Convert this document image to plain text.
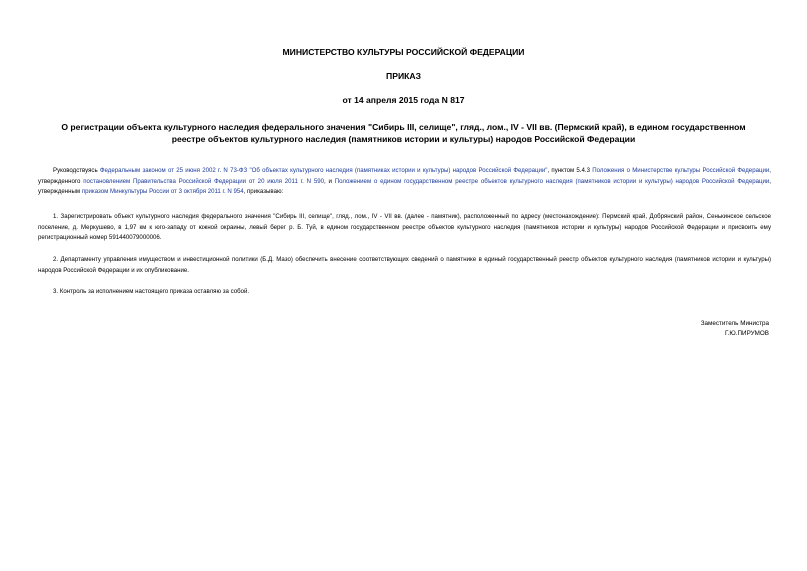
МИНИСТЕРСТВО КУЛЬТУРЫ РОССИЙСКОЙ ФЕДЕРАЦИИ

ПРИКАЗ

от 14 апреля 2015 года N 817

О регистрации объекта культурного наследия федерального значения "Сибирь III, селище", гляд., лом., IV - VII вв. (Пермский край), в едином государственном реестре объектов культурного наследия (памятников истории и культуры) народов Российской Федерации

Руководствуясь Федеральным законом от 25 июня 2002 г. N 73-ФЗ "Об объектах культурного наследия (памятниках истории и культуры) народов Российской Федерации", пунктом 5.4.3 Положения о Министерстве культуры Российской Федерации, утвержденного постановлением Правительства Российской Федерации от 20 июля 2011 г. N 590, и Положением о едином государственном реестре объектов культурного наследия (памятников истории и культуры) народов Российской Федерации, утвержденным приказом Минкультуры России от 3 октября 2011 г. N 954, приказываю:

1. Зарегистрировать объект культурного наследия федерального значения "Сибирь III, селище", гляд., лом., IV - VII вв. (далее - памятник), расположенный по адресу (местонахождение): Пермский край, Добрянский район, Сенькинское сельское поселение, д. Меркушево, в 1,97 км к юго-западу от южной окраины, левый берег р. Б. Туй, в едином государственном реестре объектов культурного наследия (памятников истории и культуры) народов Российской Федерации и присвоить ему регистрационный номер 591440079000006.

2. Департаменту управления имуществом и инвестиционной политики (Б.Д. Мазо) обеспечить внесение соответствующих сведений о памятнике в единый государственный реестр объектов культурного наследия (памятников истории и культуры) народов Российской Федерации и их опубликование.

3. Контроль за исполнением настоящего приказа оставляю за собой.

Заместитель Министра

Г.Ю.ПИРУМОВ
